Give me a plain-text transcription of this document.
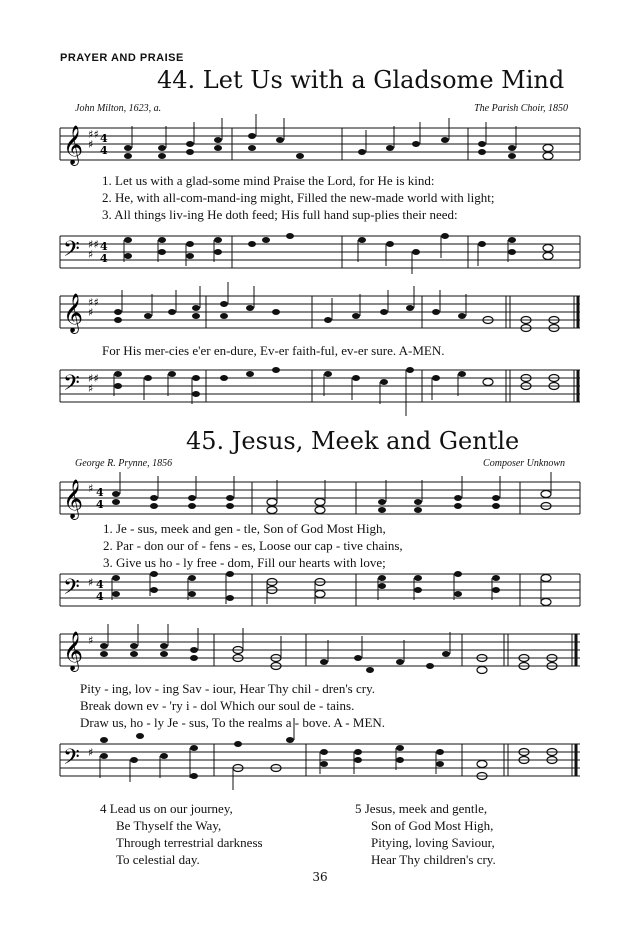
PRAYER AND PRAISE
44. Let Us with a Gladsome Mind
John Milton, 1623, a.	The Parish Choir, 1850
𝄞 ♯♯
♯ 4
4
1. Let us with a glad-some mind Praise the Lord, for He is kind:
2. He, with all-com-mand-ing might, Filled the new-made world with light;
3. All things liv-ing He doth feed; His full hand sup-plies their need:
𝄢 ♯♯
♯
4
4
𝄞 ♯♯
♯
For His mer-cies e'er en-dure, Ev-er faith-ful, ev-er sure. A-MEN.
𝄢 ♯♯
♯
45. Jesus, Meek and Gentle
George R. Prynne, 1856	Composer Unknown
𝄞 ♯ 4
4
1. Je - sus, meek and gen - tle, Son of God Most High,
2. Par - don our of - fens - es, Loose our cap - tive chains,
3. Give us ho - ly free - dom, Fill our hearts with love;
𝄢 ♯ 4
4
𝄞 ♯
Pity - ing, lov - ing Sav - iour, Hear Thy chil - dren's cry.
Break down ev - 'ry i - dol Which our soul de - tains.
Draw us, ho - ly Je - sus, To the realms a - bove. A - MEN.
𝄢 ♯
4 Lead us on our journey,
Be Thyself the Way,
Through terrestrial darkness
To celestial day.
5 Jesus, meek and gentle,
Son of God Most High,
Pitying, loving Saviour,
Hear Thy children's cry.
36
